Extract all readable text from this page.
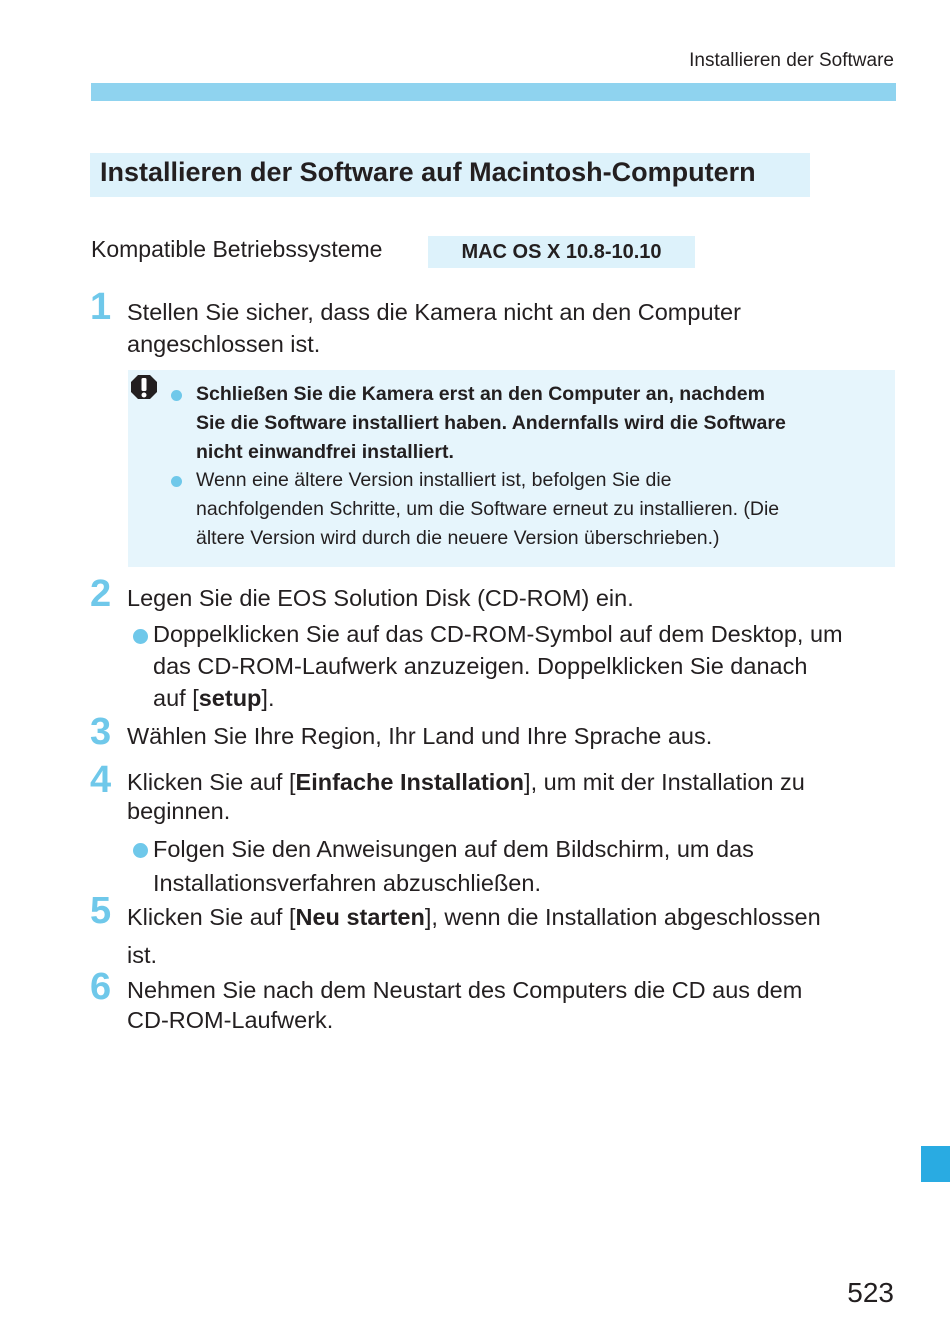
Installieren der Software
Installieren der Software auf Macintosh-Computern
Kompatible Betriebssysteme	MAC OS X 10.8-10.10
1 Stellen Sie sicher, dass die Kamera nicht an den Computer
angeschlossen ist.
Schließen Sie die Kamera erst an den Computer an, nachdem
Sie die Software installiert haben. Andernfalls wird die Software
nicht einwandfrei installiert.
Wenn eine ältere Version installiert ist, befolgen Sie die
nachfolgenden Schritte, um die Software erneut zu installieren. (Die
ältere Version wird durch die neuere Version überschrieben.)
2 Legen Sie die EOS Solution Disk (CD-ROM) ein.
Doppelklicken Sie auf das CD-ROM-Symbol auf dem Desktop, um
das CD-ROM-Laufwerk anzuzeigen. Doppelklicken Sie danach
auf [setup].
3 Wählen Sie Ihre Region, Ihr Land und Ihre Sprache aus.
4 Klicken Sie auf [Einfache Installation], um mit der Installation zu
beginnen.
Folgen Sie den Anweisungen auf dem Bildschirm, um das
Installationsverfahren abzuschließen.
5 Klicken Sie auf [Neu starten], wenn die Installation abgeschlossen
ist.
6 Nehmen Sie nach dem Neustart des Computers die CD aus dem
CD-ROM-Laufwerk.
523
